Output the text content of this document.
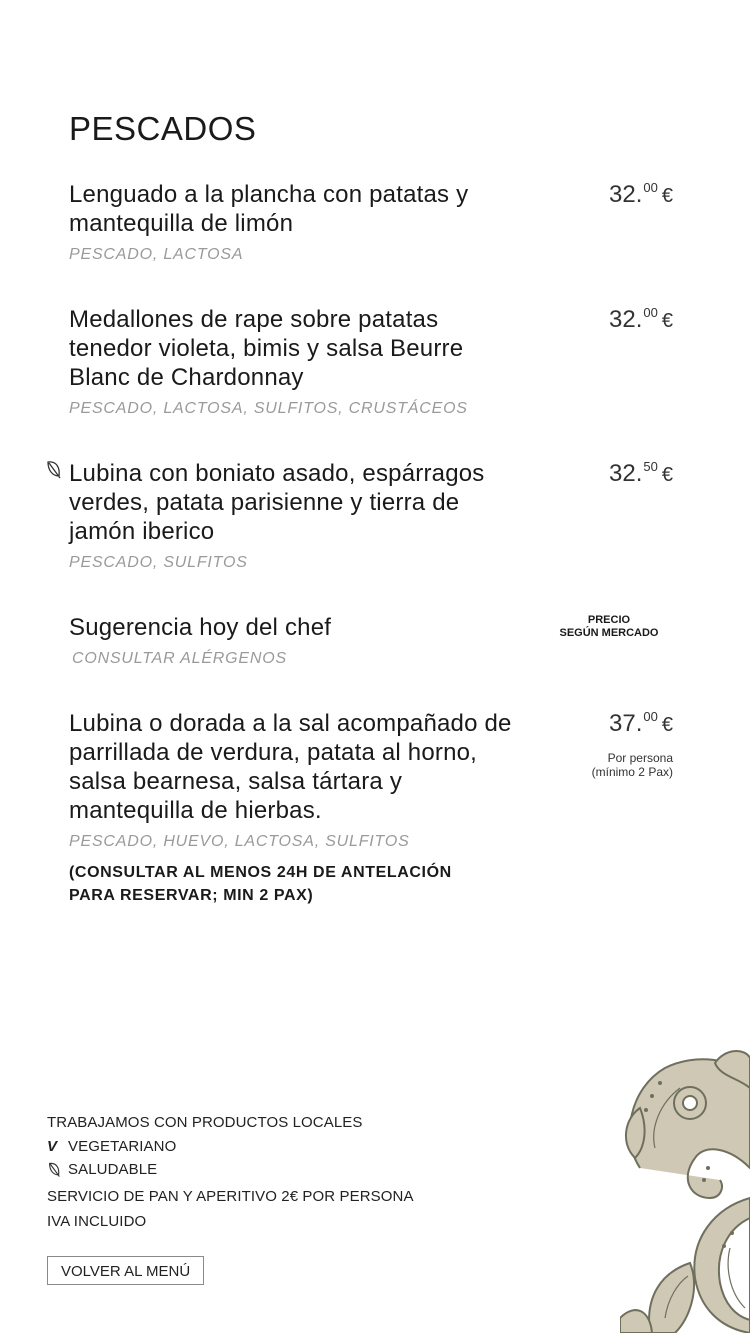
PESCADOS
Lenguado a la plancha con patatas y mantequilla de limón
PESCADO, LACTOSA
32.00 €
Medallones de rape sobre patatas tenedor violeta, bimis y salsa Beurre Blanc de Chardonnay
PESCADO, LACTOSA, SULFITOS, CRUSTÁCEOS
32.00 €
Lubina con boniato asado, espárragos verdes, patata parisienne y tierra de jamón iberico
PESCADO, SULFITOS
32.50 €
Sugerencia hoy del chef
CONSULTAR ALÉRGENOS
PRECIO
SEGÚN MERCADO
Lubina o dorada a la sal acompañado de parrillada de verdura, patata al horno, salsa bearnesa, salsa tártara y mantequilla de hierbas.
PESCADO, HUEVO, LACTOSA, SULFITOS
(CONSULTAR AL MENOS 24H DE ANTELACIÓN
PARA RESERVAR; MIN 2 PAX)
37.00 €
Por persona
(mínimo 2 Pax)
TRABAJAMOS CON PRODUCTOS LOCALES
V VEGETARIANO
SALUDABLE
SERVICIO DE PAN Y APERITIVO 2€ POR PERSONA
IVA INCLUIDO
VOLVER AL MENÚ
